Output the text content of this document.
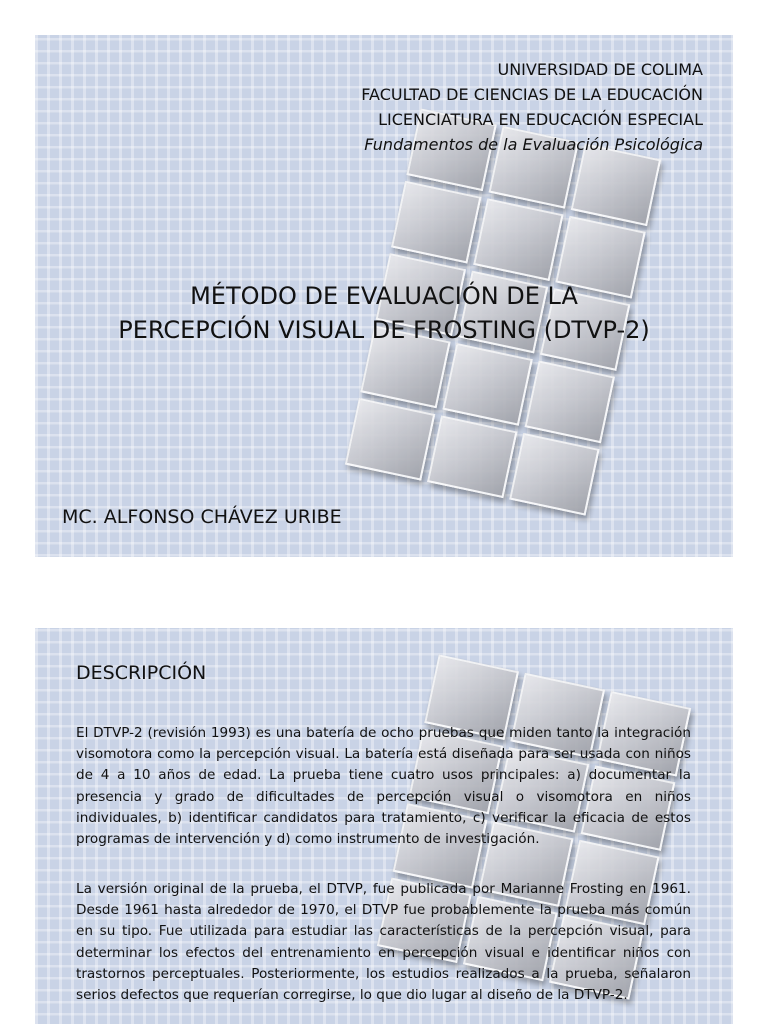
UNIVERSIDAD DE COLIMA
FACULTAD DE CIENCIAS DE LA EDUCACIÓN
LICENCIATURA EN EDUCACIÓN ESPECIAL
Fundamentos de la Evaluación Psicológica
MÉTODO DE EVALUACIÓN DE LA
PERCEPCIÓN VISUAL DE FROSTING (DTVP-2)
MC. ALFONSO CHÁVEZ URIBE
DESCRIPCIÓN

El DTVP-2 (revisión 1993) es una batería de ocho pruebas que miden tanto la integración visomotora como la percepción visual. La batería está diseñada para ser usada con niños de 4 a 10 años de edad. La prueba tiene cuatro usos principales: a) documentar la presencia y grado de dificultades de percepción visual o visomotora en niños individuales, b) identificar candidatos para tratamiento, c) verificar la eficacia de estos programas de intervención y d) como instrumento de investigación.

La versión original de la prueba, el DTVP, fue publicada por Marianne Frosting en 1961. Desde 1961 hasta alrededor de 1970, el DTVP fue probablemente la prueba más común en su tipo. Fue utilizada para estudiar las características de la percepción visual, para determinar los efectos del entrenamiento en percepción visual e identificar niños con trastornos perceptuales. Posteriormente, los estudios realizados a la prueba, señalaron serios defectos que requerían corregirse, lo que dio lugar al diseño de la DTVP-2.
